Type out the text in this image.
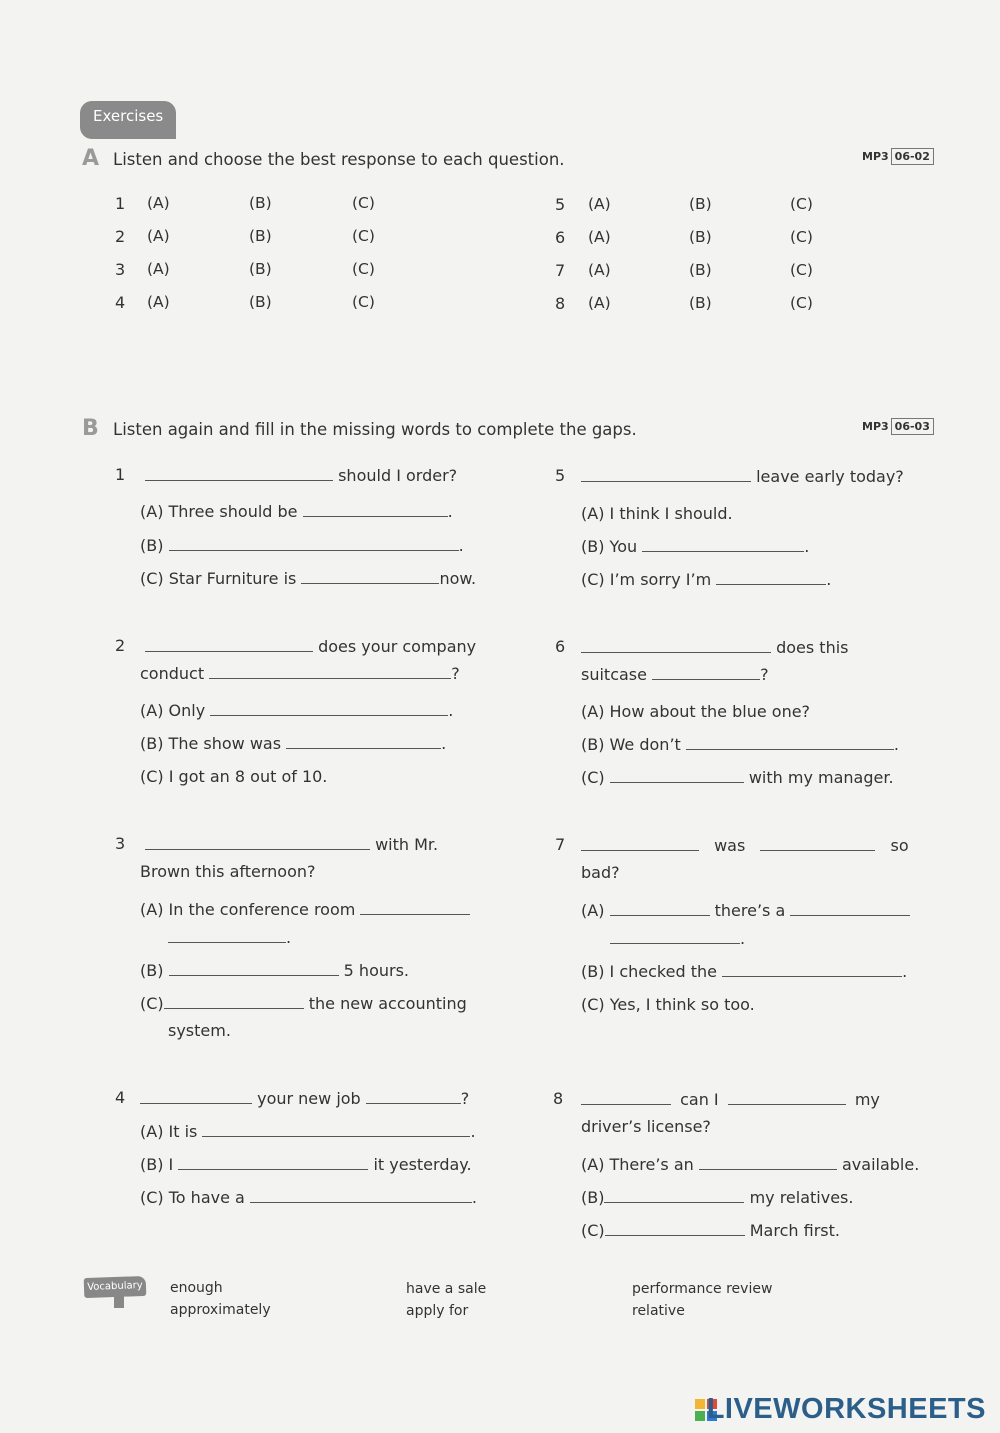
Exercises
A Listen and choose the best response to each question.	MP3 06-02
1 (A)	(B)	(C)
2 (A)	(B)	(C)
3 (A)	(B)	(C)
4 (A)	(B)	(C)
5 (A)	(B)	(C)
6 (A)	(B)	(C)
7 (A)	(B)	(C)
8 (A)	(B)	(C)
B Listen again and fill in the missing words to complete the gaps.	MP3 06-03
1	should I order?
(A) Three should be	.
(B)	.
(C) Star Furniture is	now.
2	does your company
conduct	?
(A) Only	.
(B) The show was	.
(C) I got an 8 out of 10.
3	with Mr.
Brown this afternoon?
(A) In the conference room
.
(B)	5 hours.
(C)	the new accounting
system.
4	your new job	?
(A) It is	.
(B) I	it yesterday.
(C) To have a	.
5	leave early today?
(A) I think I should.
(B) You	.
(C) I’m sorry I’m	.
6	does this
suitcase	?
(A) How about the blue one?
(B) We don’t	.
(C)	with my manager.
7	was	so
bad?
(A)	there’s a
.
(B) I checked the	.
(C) Yes, I think so too.
8	can I	my
driver’s license?
(A) There’s an	available.
(B)	my relatives.
(C)	March first.
Vocabulary enough
approximately
have a sale
apply for
performance review
relative
LIVEWORKSHEETS
